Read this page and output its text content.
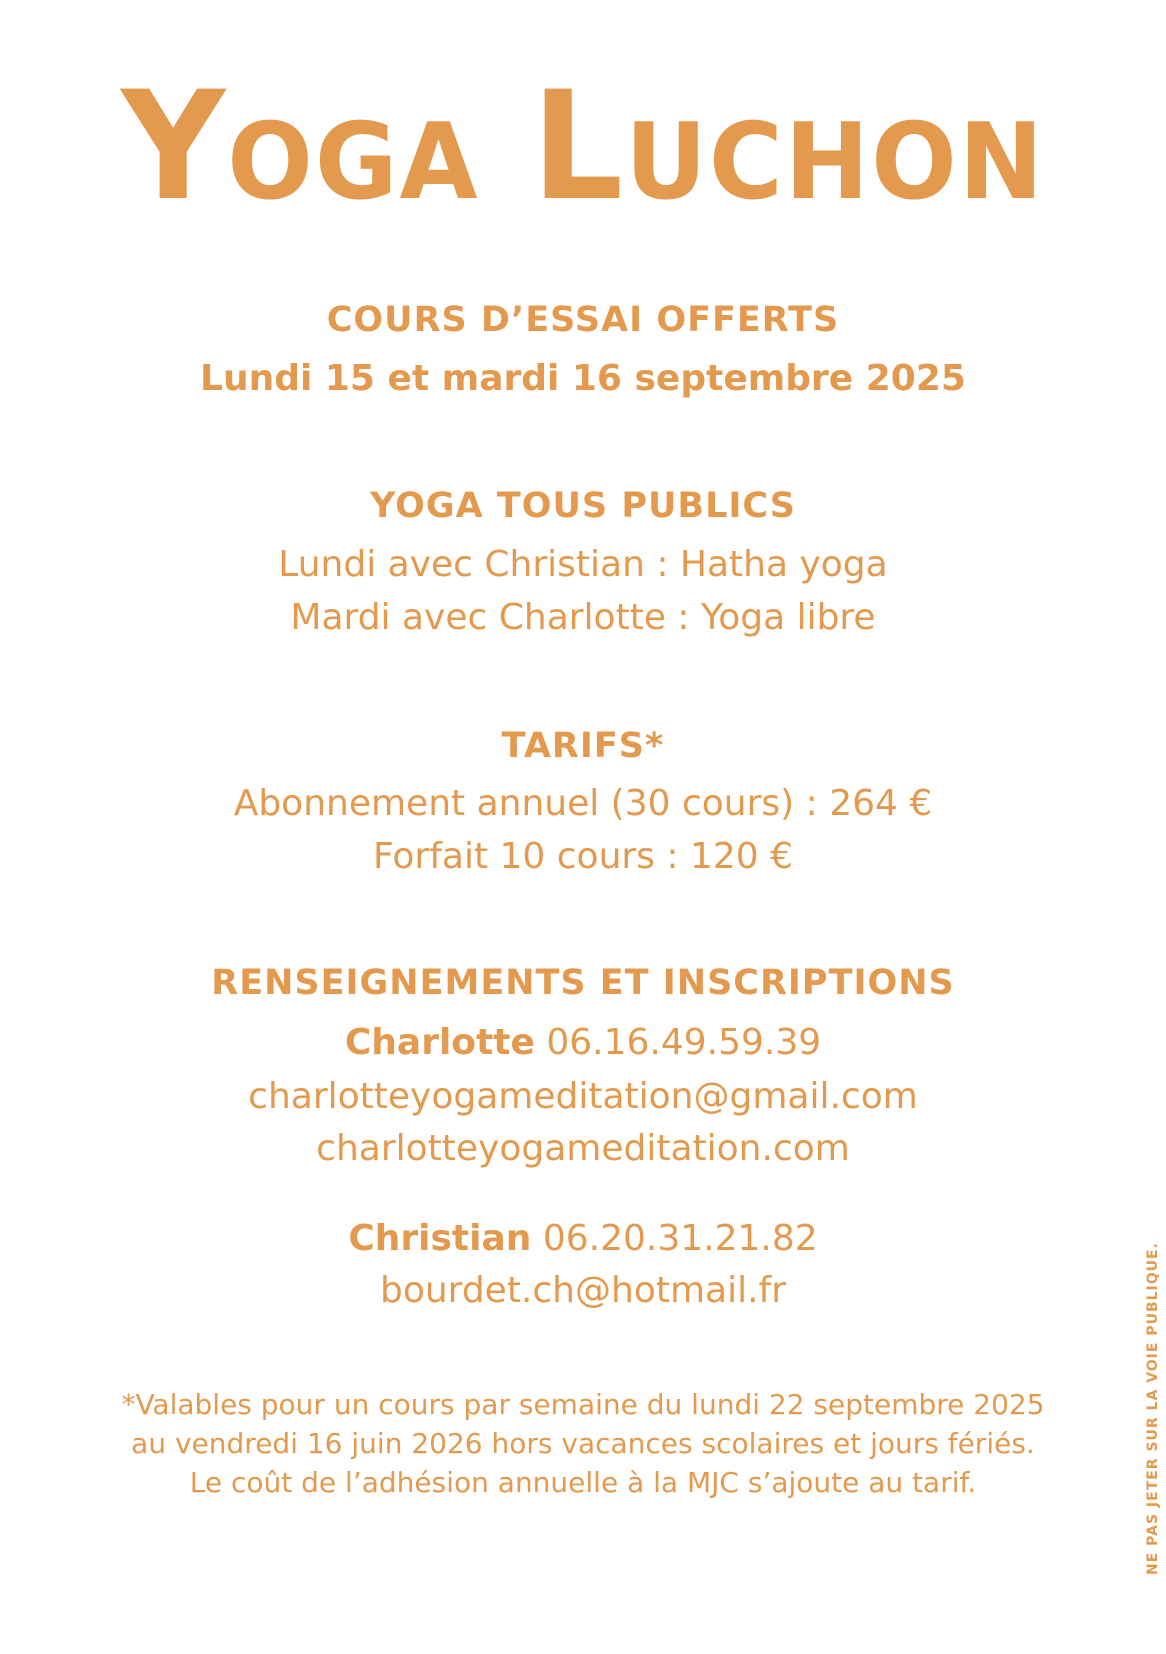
Yoga Luchon
COURS D’ESSAI OFFERTS
Lundi 15 et mardi 16 septembre 2025
YOGA TOUS PUBLICS
Lundi avec Christian : Hatha yoga
Mardi avec Charlotte : Yoga libre
TARIFS*
Abonnement annuel (30 cours) : 264 €
Forfait 10 cours : 120 €
RENSEIGNEMENTS ET INSCRIPTIONS
Charlotte 06.16.49.59.39
charlotteyogameditation@gmail.com
charlotteyogameditation.com
Christian 06.20.31.21.82
bourdet.ch@hotmail.fr
*Valables pour un cours par semaine du lundi 22 septembre 2025
au vendredi 16 juin 2026 hors vacances scolaires et jours fériés.
Le coût de l’adhésion annuelle à la MJC s’ajoute au tarif.	NE PAS JETER SUR LA VOIE PUBLIQUE.
